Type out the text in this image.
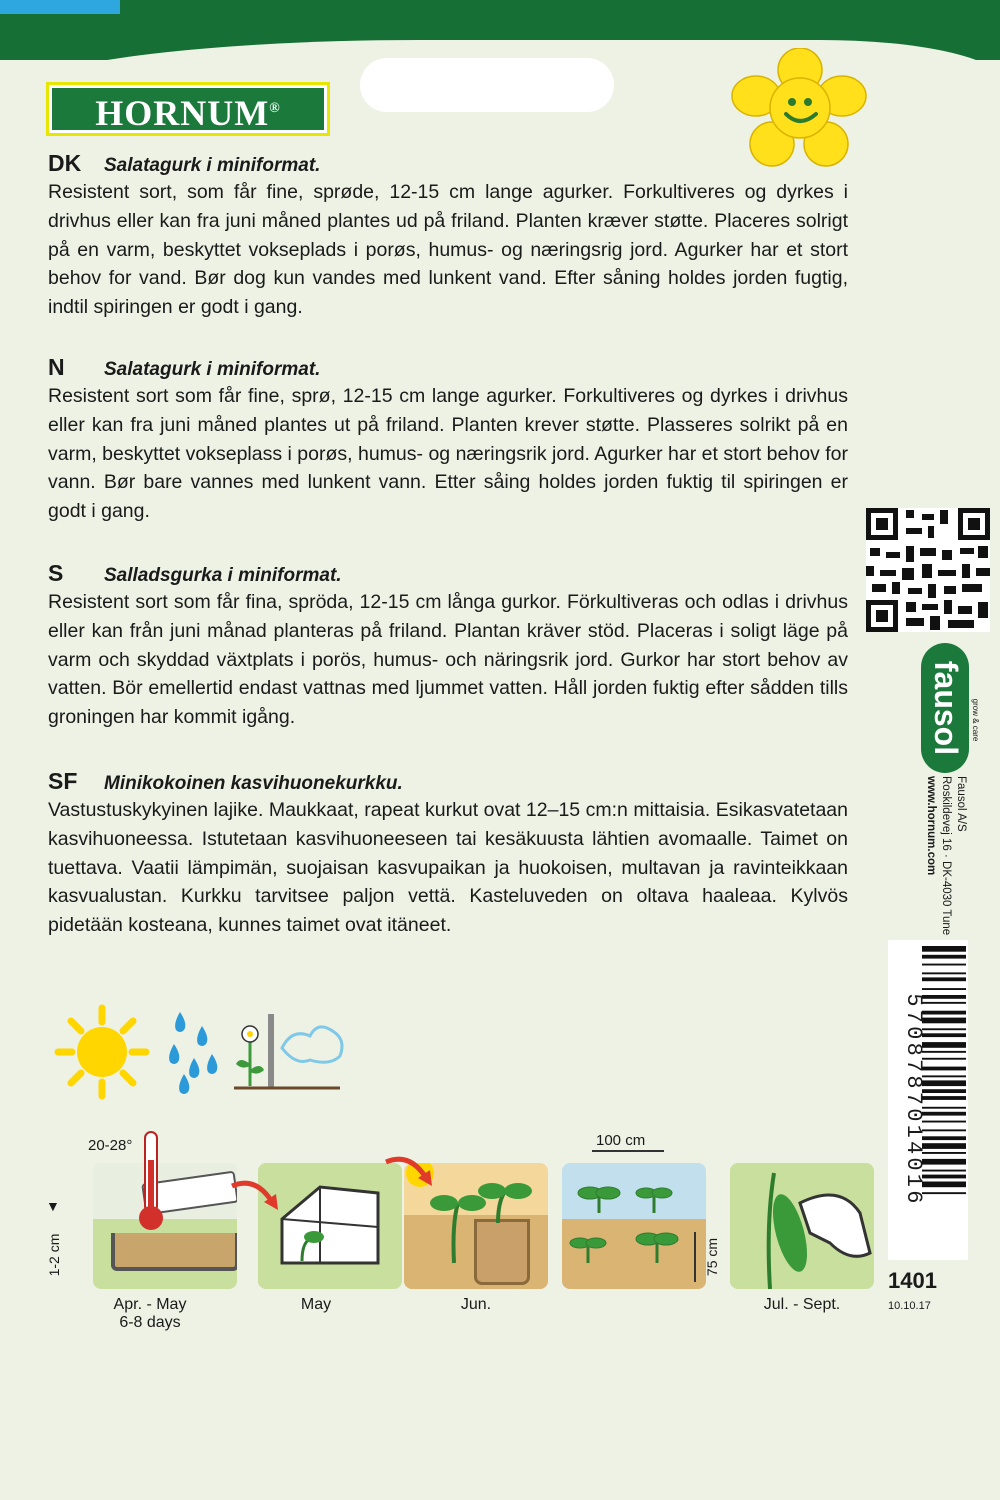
HORNUM®
DK Salatagurk i miniformat.
Resistent sort, som får fine, sprøde, 12-15 cm lange agurker. Forkultiveres og dyrkes i drivhus eller kan fra juni måned plantes ud på friland. Planten kræver støtte. Placeres solrigt på en varm, beskyttet vokseplads i porøs, humus- og næringsrig jord. Agurker har et stort behov for vand. Bør dog kun vandes med lunkent vand. Efter såning holdes jorden fugtig, indtil spiringen er godt i gang.
N Salatagurk i miniformat.
Resistent sort som får fine, sprø, 12-15 cm lange agurker. Forkultiveres og dyrkes i drivhus eller kan fra juni måned plantes ut på friland. Planten krever støtte. Plasseres solrikt på en varm, beskyttet vokseplass i porøs, humus- og næringsrik jord. Agurker har et stort behov for vann. Bør bare vannes med lunkent vann. Etter såing holdes jorden fuktig til spiringen er godt i gang.
S Salladsgurka i miniformat.
Resistent sort som får fina, spröda, 12-15 cm långa gurkor. Förkultiveras och odlas i drivhus eller kan från juni månad planteras på friland. Plantan kräver stöd. Placeras i soligt läge på varm och skyddad växtplats i porös, humus- och näringsrik jord. Gurkor har stort behov av vatten. Bör emellertid endast vattnas med ljummet vatten. Håll jorden fuktig efter sådden tills groningen har kommit igång.
SF Minikokoinen kasvihuonekurkku.
Vastustuskykyinen lajike. Maukkaat, rapeat kurkut ovat 12–15 cm:n mittaisia. Esikasvatetaan kasvihuoneessa. Istutetaan kasvihuoneeseen tai kesäkuusta lähtien avomaalle. Taimet on tuettava. Vaatii lämpimän, suojaisan kasvupaikan ja huokoisen, multavan ja ravinteikkaan kasvualustan. Kurkku tarvitsee paljon vettä. Kasteluveden on oltava haaleaa. Kylvös pidetään kosteana, kunnes taimet ovat itäneet.
fausol grow & care
Fausol A/S
Roskildevej 16 · DK-4030 Tune
www.hornum.com
5708787014016
1401
10.10.17
20-28°
▼
1-2 cm
100 cm
75 cm
Apr. - May
6-8 days
May	Jun.	Jul. - Sept.
